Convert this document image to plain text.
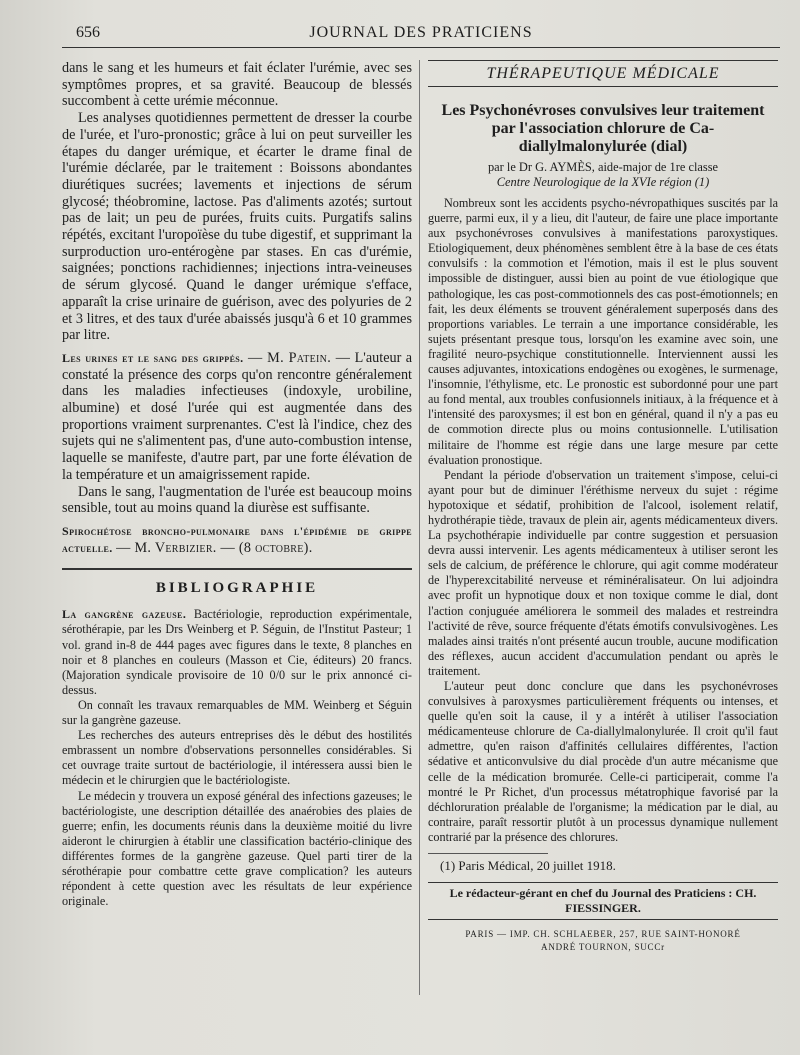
656	JOURNAL DES PRATICIENS

dans le sang et les humeurs et fait éclater l'urémie, avec ses symptômes propres, et sa gravité. Beaucoup de blessés succombent à cette urémie méconnue.

Les analyses quotidiennes permettent de dresser la courbe de l'urée, et l'uro-pronostic; grâce à lui on peut surveiller les étapes du danger urémique, et écarter le drame final de l'urémie déclarée, par le traitement : Boissons abondantes diurétiques sucrées; lavements et injections de sérum glycosé; théobromine, lactose. Pas d'aliments azotés; surtout pas de lait; un peu de purées, fruits cuits. Purgatifs salins répétés, excitant l'uropoïèse du tube digestif, et supprimant la surproduction uro-entérogène par stases. En cas d'urémie, saignées; ponctions rachidiennes; injections intra-veineuses de sérum glycosé. Quand le danger urémique s'efface, apparaît la crise urinaire de guérison, avec des polyuries de 2 et 3 litres, et des taux d'urée abaissés jusqu'à 6 et 10 grammes par litre.

Les urines et le sang des grippés. — M. Patein. — L'auteur a constaté la présence des corps qu'on rencontre généralement dans les maladies infectieuses (indoxyle, urobiline, albumine) et dosé l'urée qui est augmentée dans des proportions vraiment surprenantes. C'est là l'indice, chez des sujets qui ne s'alimentent pas, d'une auto-combustion intense, laquelle se manifeste, d'autre part, par une forte élévation de la température et un amaigrissement rapide.

Dans le sang, l'augmentation de l'urée est beaucoup moins sensible, tout au moins quand la diurèse est suffisante.

Spirochétose broncho-pulmonaire dans l'épidémie de grippe actuelle. — M. Verbizier. — (8 octobre).

BIBLIOGRAPHIE

La gangrène gazeuse. Bactériologie, reproduction expérimentale, sérothérapie, par les Drs Weinberg et P. Séguin, de l'Institut Pasteur; 1 vol. grand in-8 de 444 pages avec figures dans le texte, 8 planches en noir et 8 planches en couleurs (Masson et Cie, éditeurs) 20 francs. (Majoration syndicale provisoire de 10 0/0 sur le prix annoncé ci-dessus.

On connaît les travaux remarquables de MM. Weinberg et Séguin sur la gangrène gazeuse.

Les recherches des auteurs entreprises dès le début des hostilités embrassent un nombre d'observations personnelles considérables. Si cet ouvrage traite surtout de bactériologie, il intéressera aussi bien le médecin et le chirurgien que le bactériologiste.

Le médecin y trouvera un exposé général des infections gazeuses; le bactériologiste, une description détaillée des anaérobies des plaies de guerre; enfin, les documents réunis dans la deuxième moitié du livre aideront le chirurgien à établir une classification bactério-clinique des différentes formes de la gangrène gazeuse. Quel parti tirer de la sérothérapie pour combattre cette grave complication? les auteurs répondent à cette question avec les résultats de leur expérience originale.

THÉRAPEUTIQUE MÉDICALE
Les Psychonévroses convulsives leur traitement par l'association chlorure de Ca-diallylmalonylurée (dial)
par le Dr G. AYMÈS, aide-major de 1re classe
Centre Neurologique de la XVIe région (1)

Nombreux sont les accidents psycho-névropathiques suscités par la guerre, parmi eux, il y a lieu, dit l'auteur, de faire une place importante aux psychonévroses convulsives à manifestations paroxystiques. Etiologiquement, deux phénomènes semblent être à la base de ces états convulsifs : la commotion et l'émotion, mais il est le plus souvent impossible de distinguer, aussi bien au point de vue étiologique que pathologique, les cas post-commotionnels des cas post-émotionnels; en fait, les deux éléments se trouvent généralement superposés dans des proportions variables. Le terrain a une importance considérable, les sujets présentant presque tous, lorsqu'on les examine avec soin, une fragilité neuro-psychique constitutionnelle. Interviennent aussi les causes adjuvantes, intoxications endogènes ou exogènes, le surmenage, l'insomnie, l'éthylisme, etc. Le pronostic est subordonné pour une part au fond mental, aux troubles confusionnels initiaux, à la fréquence et à l'intensité des paroxysmes; il est bon en général, quand il n'y a pas eu de commotion directe plus ou moins contusionnelle. L'utilisation militaire de l'homme est régie dans une large mesure par cette évaluation pronostique.

Pendant la période d'observation un traitement s'impose, celui-ci ayant pour but de diminuer l'éréthisme nerveux du sujet : régime hypotoxique et sédatif, prohibition de l'alcool, isolement relatif, hydrothérapie tiède, travaux de plein air, agents médicamenteux divers. La psychothérapie individuelle par contre suggestion et persuasion devra aussi intervenir. Les agents médicamenteux à utiliser seront les sels de calcium, de préférence le chlorure, qui agit comme modérateur de l'hyperexcitabilité nerveuse et réminéralisateur. On lui adjoindra avec profit un hypnotique doux et non toxique comme le dial, dont l'action conjuguée améliorera le sommeil des malades et restreindra l'activité de rêve, source fréquente d'états émotifs convulsivogènes. Les malades ainsi traités n'ont présenté aucun trouble, aucune modification des réflexes, aucun accident d'accumulation pendant ou après le traitement.

L'auteur peut donc conclure que dans les psychonévroses convulsives à paroxysmes particulièrement fréquents ou intenses, et quelle qu'en soit la cause, il y a intérêt à utiliser l'association médicamenteuse chlorure de Ca-diallylmalonylurée. Il croit qu'il faut admettre, qu'en raison d'affinités cellulaires différentes, l'action sédative et anticonvulsive du dial procède d'un autre mécanisme que celle de la médication bromurée. Celle-ci participerait, comme l'a montré le Pr Richet, d'un processus métatrophique favorisé par la déchloruration préalable de l'organisme; la médication par le dial, au contraire, paraît ressortir plutôt à un processus dynamique nullement contrarié par la présence des chlorures.

(1) Paris Médical, 20 juillet 1918.
Le rédacteur-gérant en chef du Journal des Praticiens : CH. FIESSINGER.
PARIS — IMP. CH. SCHLAEBER, 257, RUE SAINT-HONORÉ
ANDRÉ TOURNON, SUCCr
